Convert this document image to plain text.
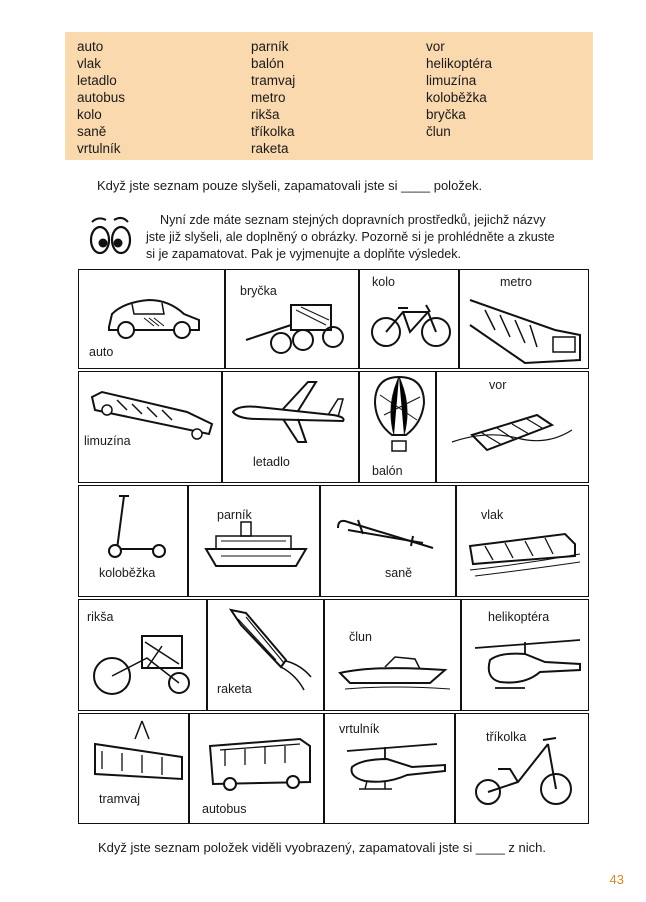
auto
vlak
letadlo
autobus
kolo
saně
vrtulník
parník
balón
tramvaj
metro
rikša
tříkolka
raketa
vor
helikoptéra
limuzína
koloběžka
bryčka
člun
Když jste seznam pouze slyšeli, zapamatovali jste si ____ položek.
Nyní zde máte seznam stejných dopravních prostředků, jejichž názvy
jste již slyšeli, ale doplněný o obrázky. Pozorně si je prohlédněte a zkuste
si je zapamatovat. Pak je vyjmenujte a doplňte výsledek.
auto
bryčka
kolo	metro
limuzína
letadlo
balón
vor
koloběžka
parník
saně
vlak
rikša
raketa
člun
helikoptéra
tramvaj
autobus
vrtulník
tříkolka
Když jste seznam položek viděli vyobrazený, zapamatovali jste si ____ z nich.
43
